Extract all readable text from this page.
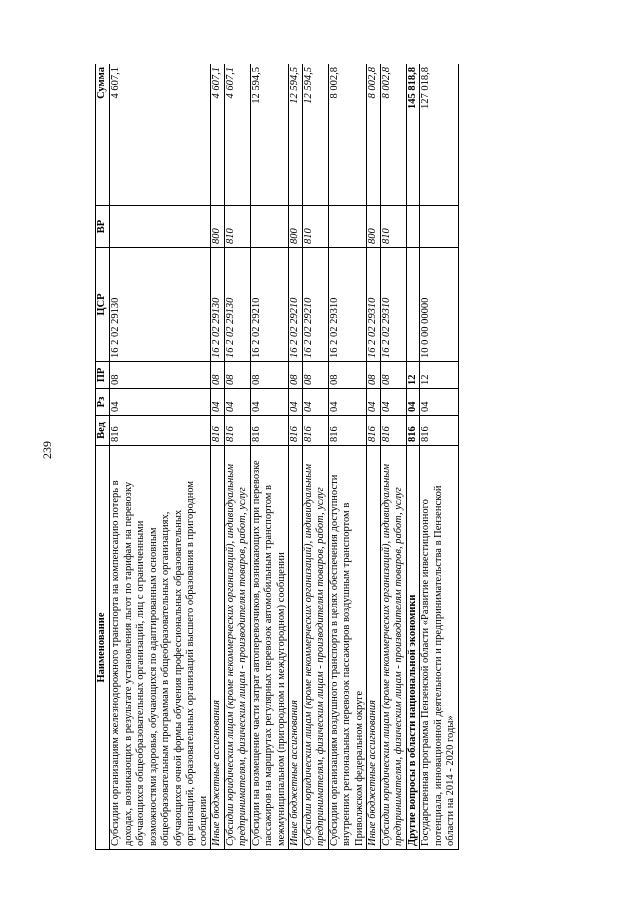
239
Наименование	Вед	Рз	ПР	ЦСР	ВР	Сумма
Субсидии организациям железнодорожного транспорта на компенсацию потерь в доходах, возникающих в результате установления льгот по тарифам на перевозку обучающихся общеобразовательных организаций, лиц с ограниченными возможностями здоровья, обучающихся по адаптированным основным общеобразовательным программам в общеобразовательных организациях, обучающихся очной формы обучения профессиональных образовательных организаций, образовательных организаций высшего образования в пригородном сообщении	816	04	08	16 2 02 29130		4 607,1
Иные бюджетные ассигнования	816	04	08	16 2 02 29130	800	4 607,1
Субсидии юридическим лицам (кроме некоммерческих организаций), индивидуальным предпринимателям, физическим лицам - производителям товаров, работ, услуг	816	04	08	16 2 02 29130	810	4 607,1
Субсидии на возмещение части затрат автоперевозчиков, возникающих при перевозке пассажиров на маршрутах регулярных перевозок автомобильным транспортом в межмуниципальном (пригородном и междугородном) сообщении	816	04	08	16 2 02 29210		12 594,5
Иные бюджетные ассигнования	816	04	08	16 2 02 29210	800	12 594,5
Субсидии юридическим лицам (кроме некоммерческих организаций), индивидуальным предпринимателям, физическим лицам - производителям товаров, работ, услуг	816	04	08	16 2 02 29210	810	12 594,5
Субсидии организациям воздушного транспорта в целях обеспечения доступности внутренних региональных перевозок пассажиров воздушным транспортом в Приволжском федеральном округе	816	04	08	16 2 02 29310		8 002,8
Иные бюджетные ассигнования	816	04	08	16 2 02 29310	800	8 002,8
Субсидии юридическим лицам (кроме некоммерческих организаций), индивидуальным предпринимателям, физическим лицам - производителям товаров, работ, услуг	816	04	08	16 2 02 29310	810	8 002,8
Другие вопросы в области национальной экономики	816	04	12			145 818,8
Государственная программа Пензенской области «Развитие инвестиционного потенциала, инновационной деятельности и предпринимательства в Пензенской области на 2014 - 2020 годы»	816	04	12	10 0 00 00000		127 018,8
